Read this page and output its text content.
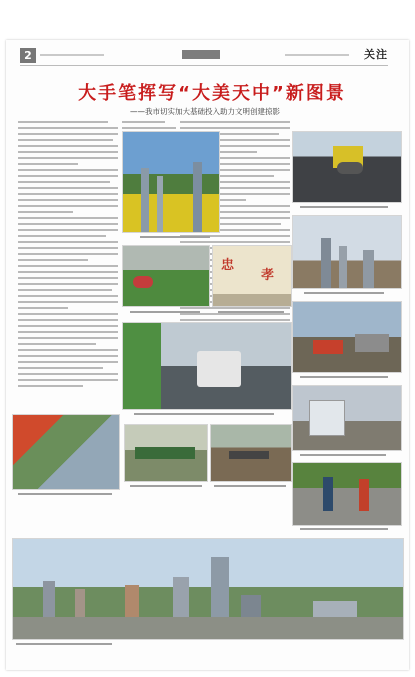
2	关注
大手笔挥写“大美天中”新图景
——我市切实加大基础投入助力文明创建掠影
忠
孝
